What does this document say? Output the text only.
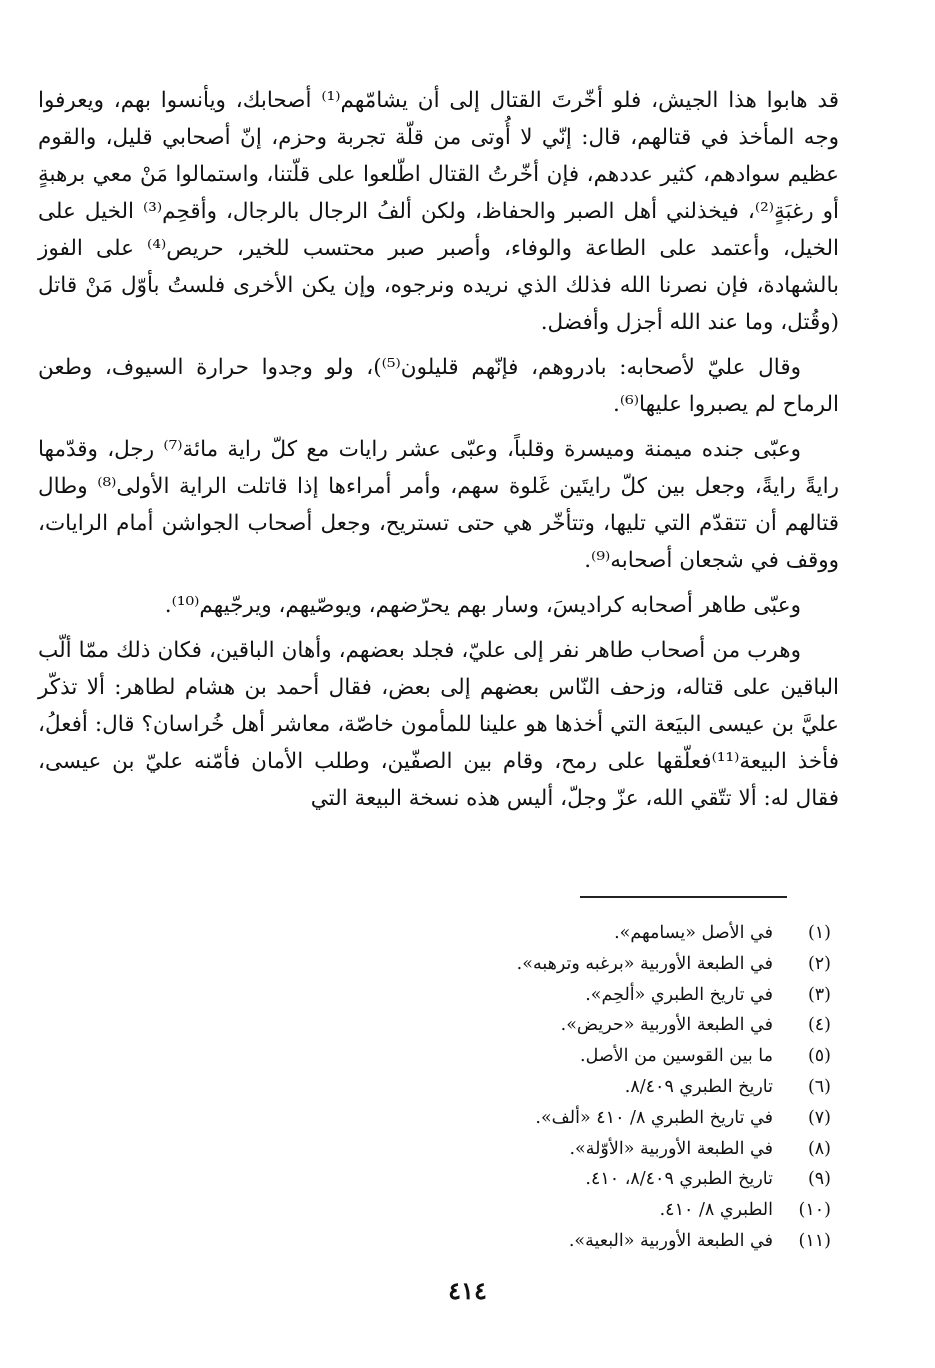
قد هابوا هذا الجيش، فلو أخّرتَ القتال إلى أن يشامّهم⁽¹⁾ أصحابك، ويأنسوا بهم، ويعرفوا وجه المأخذ في قتالهم، قال: إنّي لا أُوتى من قلّة تجربة وحزم، إنّ أصحابي قليل، والقوم عظيم سوادهم، كثير عددهم، فإن أخّرتُ القتال اطّلعوا على قلّتنا، واستمالوا مَنْ معي برهبةٍ أو رغبَةٍ⁽²⁾، فيخذلني أهل الصبر والحفاظ، ولكن ألفُ الرجال بالرجال، وأقحِم⁽³⁾ الخيل على الخيل، وأعتمد على الطاعة والوفاء، وأصبر صبر محتسب للخير، حريص⁽⁴⁾ على الفوز بالشهادة، فإن نصرنا الله فذلك الذي نريده ونرجوه، وإن يكن الأخرى فلستُ بأوّل مَنْ قاتل (وقُتل، وما عند الله أجزل وأفضل.

وقال عليّ لأصحابه: بادروهم، فإنّهم قليلون⁽⁵⁾)، ولو وجدوا حرارة السيوف، وطعن الرماح لم يصبروا عليها⁽⁶⁾.

وعبّى جنده ميمنة وميسرة وقلباً، وعبّى عشر رايات مع كلّ راية مائة⁽⁷⁾ رجل، وقدّمها رايةً رايةً، وجعل بين كلّ رايتَين غَلوة سهم، وأمر أمراءها إذا قاتلت الراية الأولى⁽⁸⁾ وطال قتالهم أن تتقدّم التي تليها، وتتأخّر هي حتى تستريح، وجعل أصحاب الجواشن أمام الرايات، ووقف في شجعان أصحابه⁽⁹⁾.

وعبّى طاهر أصحابه كراديسَ، وسار بهم يحرّضهم، ويوصّيهم، ويرجّيهم⁽¹⁰⁾.

وهرب من أصحاب طاهر نفر إلى عليّ، فجلد بعضهم، وأهان الباقين، فكان ذلك ممّا ألّب الباقين على قتاله، وزحف النّاس بعضهم إلى بعض، فقال أحمد بن هشام لطاهر: ألا تذكّر عليَّ بن عيسى البيَعة التي أخذها هو علينا للمأمون خاصّة، معاشر أهل خُراسان؟ قال: أفعلُ، فأخذ البيعة⁽¹¹⁾فعلّقها على رمح، وقام بين الصفّين، وطلب الأمان فأمّنه عليّ بن عيسى، فقال له: ألا تتّقي الله، عزّ وجلّ، أليس هذه نسخة البيعة التي

(١)
في الأصل «يسامهم».
(٢)
في الطبعة الأوربية «برغبه وترهبه».
(٣)
في تاريخ الطبري «ألحِم».
(٤)
في الطبعة الأوربية «حريض».
(٥)
ما بين القوسين من الأصل.
(٦)
تاريخ الطبري ٨/٤٠٩.
(٧)
في تاريخ الطبري ٨/ ٤١٠ «ألف».
(٨)
في الطبعة الأوربية «الأوّلة».
(٩)
تاريخ الطبري ٨/٤٠٩، ٤١٠.
(١٠)
الطبري ٨/ ٤١٠.
(١١)
في الطبعة الأوربية «البعية».
٤١٤
